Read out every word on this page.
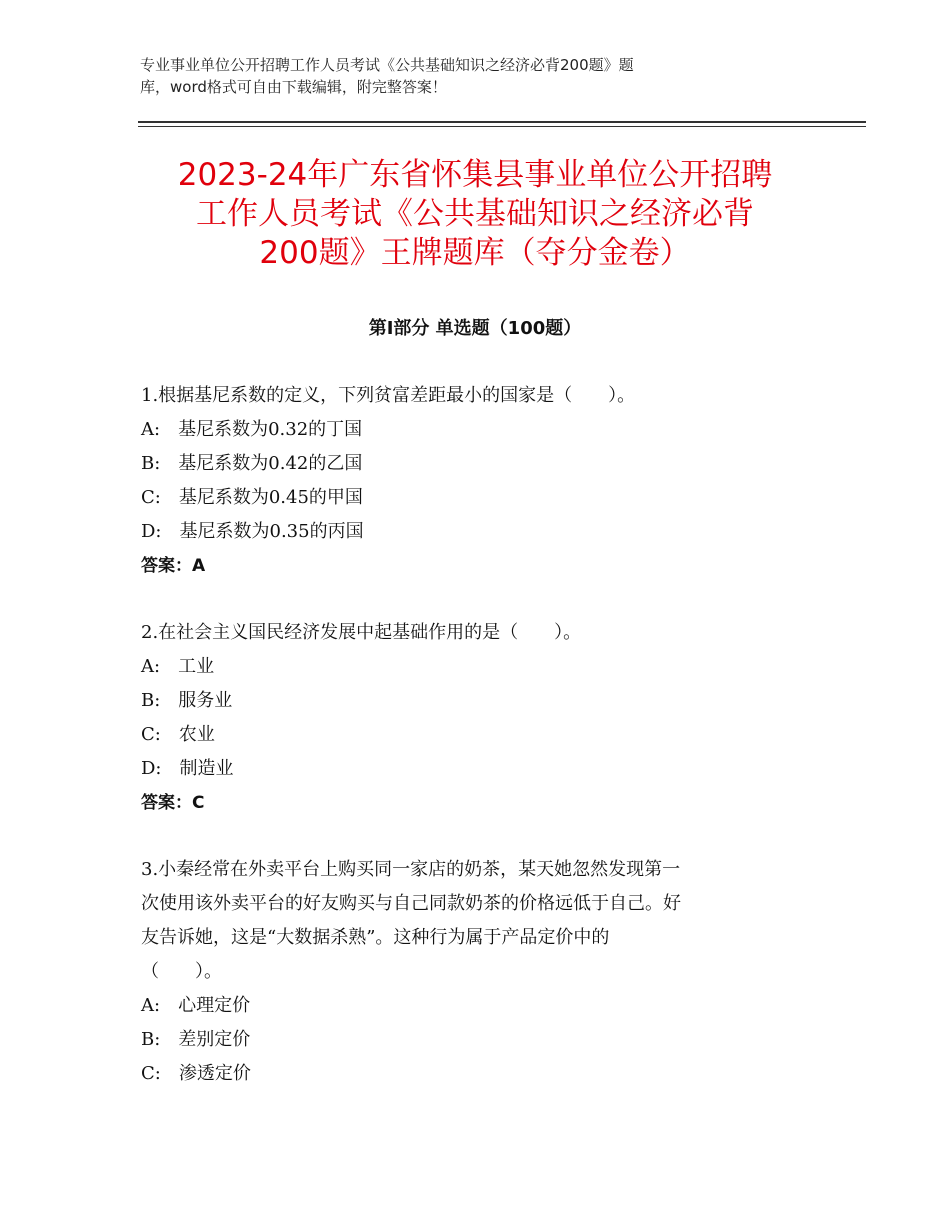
专业事业单位公开招聘工作人员考试《公共基础知识之经济必背200题》题
库，word格式可自由下载编辑，附完整答案！
2023-24年广东省怀集县事业单位公开招聘
工作人员考试《公共基础知识之经济必背
200题》王牌题库（夺分金卷）
第Ⅰ部分 单选题（100题）
1.根据基尼系数的定义，下列贫富差距最小的国家是（　　）。
A:　基尼系数为0.32的丁国
B:　基尼系数为0.42的乙国
C:　基尼系数为0.45的甲国
D:　基尼系数为0.35的丙国
答案：A
2.在社会主义国民经济发展中起基础作用的是（　　）。
A:　工业
B:　服务业
C:　农业
D:　制造业
答案：C
3.小秦经常在外卖平台上购买同一家店的奶茶，某天她忽然发现第一
次使用该外卖平台的好友购买与自己同款奶茶的价格远低于自己。好
友告诉她，这是“大数据杀熟”。这种行为属于产品定价中的
（　　）。
A:　心理定价
B:　差别定价
C:　渗透定价
